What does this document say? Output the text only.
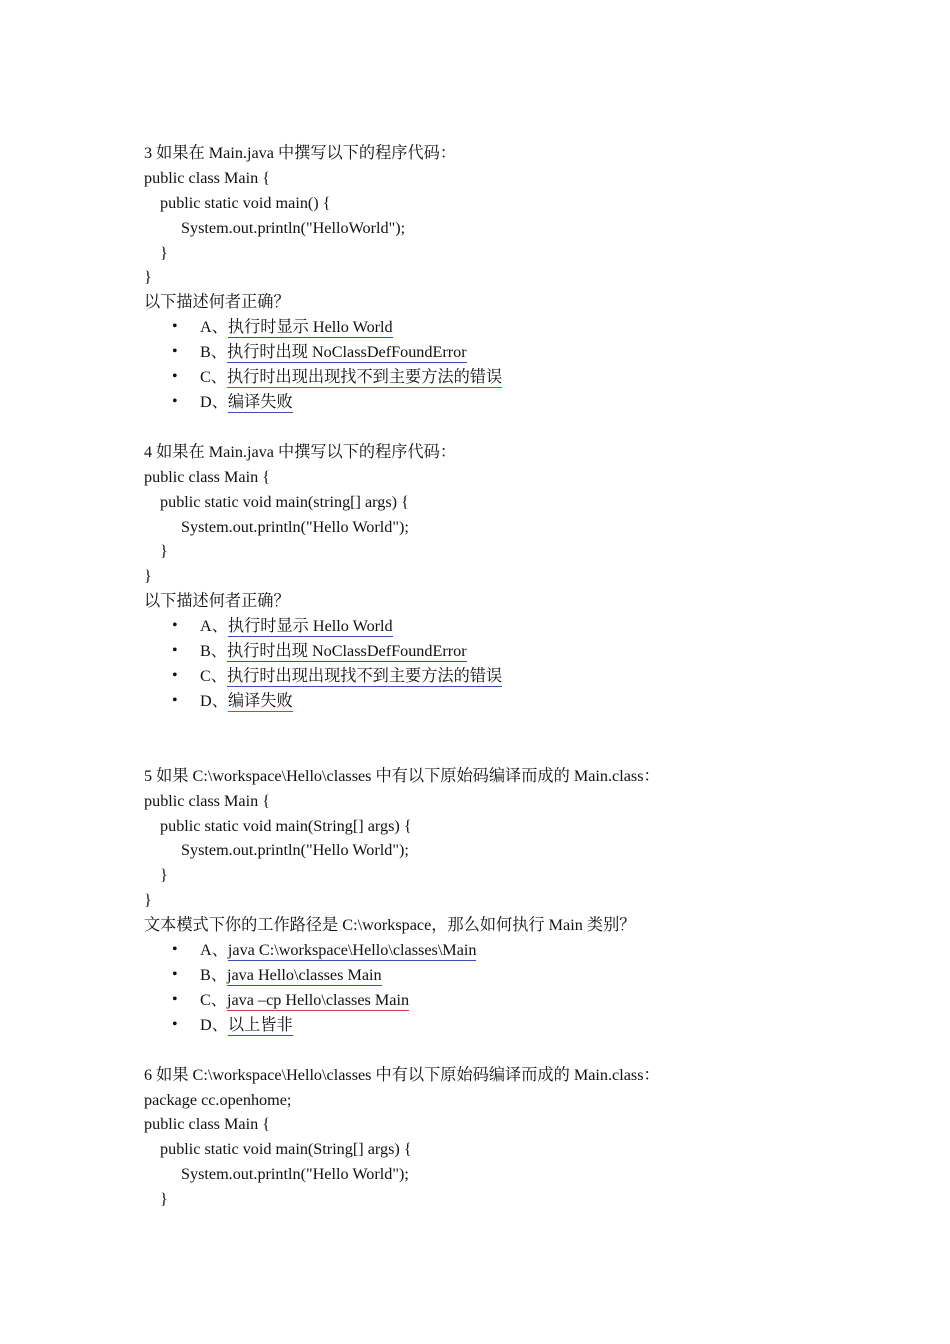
3 如果在 Main.java 中撰写以下的程序代码：
public class Main {
public static void main() {
System.out.println("HelloWorld");
}
}
以下描述何者正确？
• A、执行时显示 Hello World
• B、执行时出现 NoClassDefFoundError
• C、执行时出现出现找不到主要方法的错误
• D、编译失败
4 如果在 Main.java 中撰写以下的程序代码：
public class Main {
public static void main(string[] args) {
System.out.println("Hello World");
}
}
以下描述何者正确？
• A、执行时显示 Hello World
• B、执行时出现 NoClassDefFoundError
• C、执行时出现出现找不到主要方法的错误
• D、编译失败
5 如果 C:\workspace\Hello\classes 中有以下原始码编译而成的 Main.class：
public class Main {
public static void main(String[] args) {
System.out.println("Hello World");
}
}
文本模式下你的工作路径是 C:\workspace，那么如何执行 Main 类别？
• A、java C:\workspace\Hello\classes\Main
• B、java Hello\classes Main
• C、java –cp Hello\classes Main
• D、以上皆非
6 如果 C:\workspace\Hello\classes 中有以下原始码编译而成的 Main.class：
package cc.openhome;
public class Main {
public static void main(String[] args) {
System.out.println("Hello World");
}
